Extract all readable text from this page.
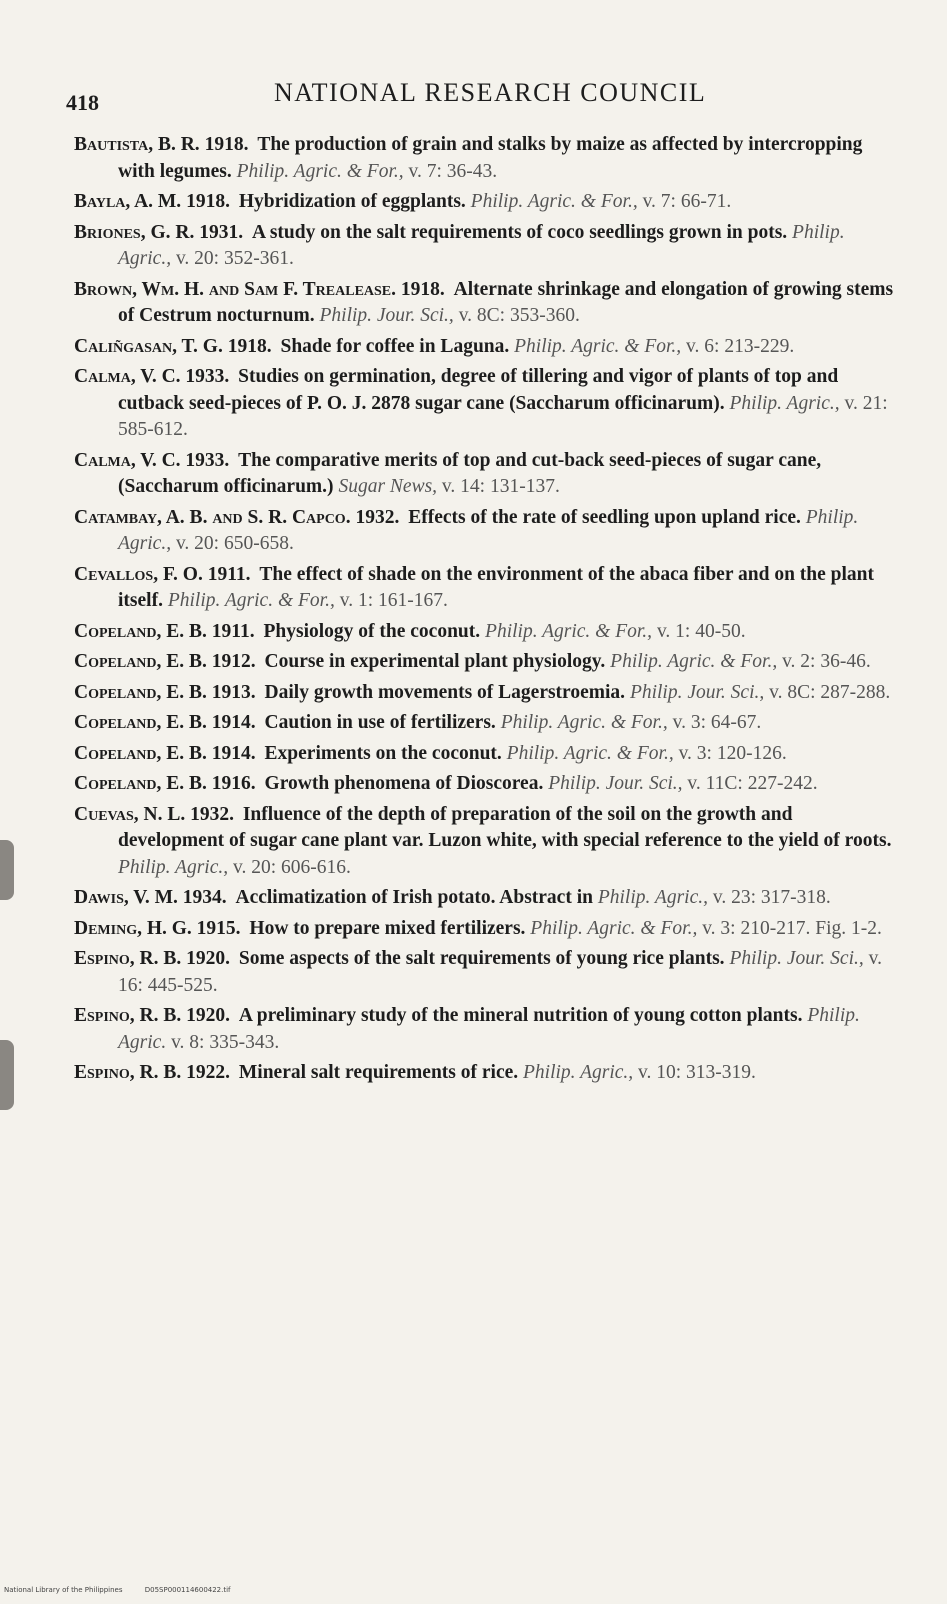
418	NATIONAL RESEARCH COUNCIL
Bautista, B. R. 1918. The production of grain and stalks by maize as affected by intercropping with legumes. Philip. Agric. & For., v. 7: 36-43.
Bayla, A. M. 1918. Hybridization of eggplants. Philip. Agric. & For., v. 7: 66-71.
Briones, G. R. 1931. A study on the salt requirements of coco seedlings grown in pots. Philip. Agric., v. 20: 352-361.
Brown, Wm. H. and Sam F. Trealease. 1918. Alternate shrinkage and elongation of growing stems of Cestrum nocturnum. Philip. Jour. Sci., v. 8C: 353-360.
Caliñgasan, T. G. 1918. Shade for coffee in Laguna. Philip. Agric. & For., v. 6: 213-229.
Calma, V. C. 1933. Studies on germination, degree of tillering and vigor of plants of top and cutback seed-pieces of P. O. J. 2878 sugar cane (Saccharum officinarum). Philip. Agric., v. 21: 585-612.
Calma, V. C. 1933. The comparative merits of top and cut-back seed-pieces of sugar cane, (Saccharum officinarum.) Sugar News, v. 14: 131-137.
Catambay, A. B. and S. R. Capco. 1932. Effects of the rate of seedling upon upland rice. Philip. Agric., v. 20: 650-658.
Cevallos, F. O. 1911. The effect of shade on the environment of the abaca fiber and on the plant itself. Philip. Agric. & For., v. 1: 161-167.
Copeland, E. B. 1911. Physiology of the coconut. Philip. Agric. & For., v. 1: 40-50.
Copeland, E. B. 1912. Course in experimental plant physiology. Philip. Agric. & For., v. 2: 36-46.
Copeland, E. B. 1913. Daily growth movements of Lagerstroemia. Philip. Jour. Sci., v. 8C: 287-288.
Copeland, E. B. 1914. Caution in use of fertilizers. Philip. Agric. & For., v. 3: 64-67.
Copeland, E. B. 1914. Experiments on the coconut. Philip. Agric. & For., v. 3: 120-126.
Copeland, E. B. 1916. Growth phenomena of Dioscorea. Philip. Jour. Sci., v. 11C: 227-242.
Cuevas, N. L. 1932. Influence of the depth of preparation of the soil on the growth and development of sugar cane plant var. Luzon white, with special reference to the yield of roots. Philip. Agric., v. 20: 606-616.
Dawis, V. M. 1934. Acclimatization of Irish potato. Abstract in Philip. Agric., v. 23: 317-318.
Deming, H. G. 1915. How to prepare mixed fertilizers. Philip. Agric. & For., v. 3: 210-217. Fig. 1-2.
Espino, R. B. 1920. Some aspects of the salt requirements of young rice plants. Philip. Jour. Sci., v. 16: 445-525.
Espino, R. B. 1920. A preliminary study of the mineral nutrition of young cotton plants. Philip. Agric. v. 8: 335-343.
Espino, R. B. 1922. Mineral salt requirements of rice. Philip. Agric., v. 10: 313-319.
National Library of the Philippines	D05SP000114600422.tif
